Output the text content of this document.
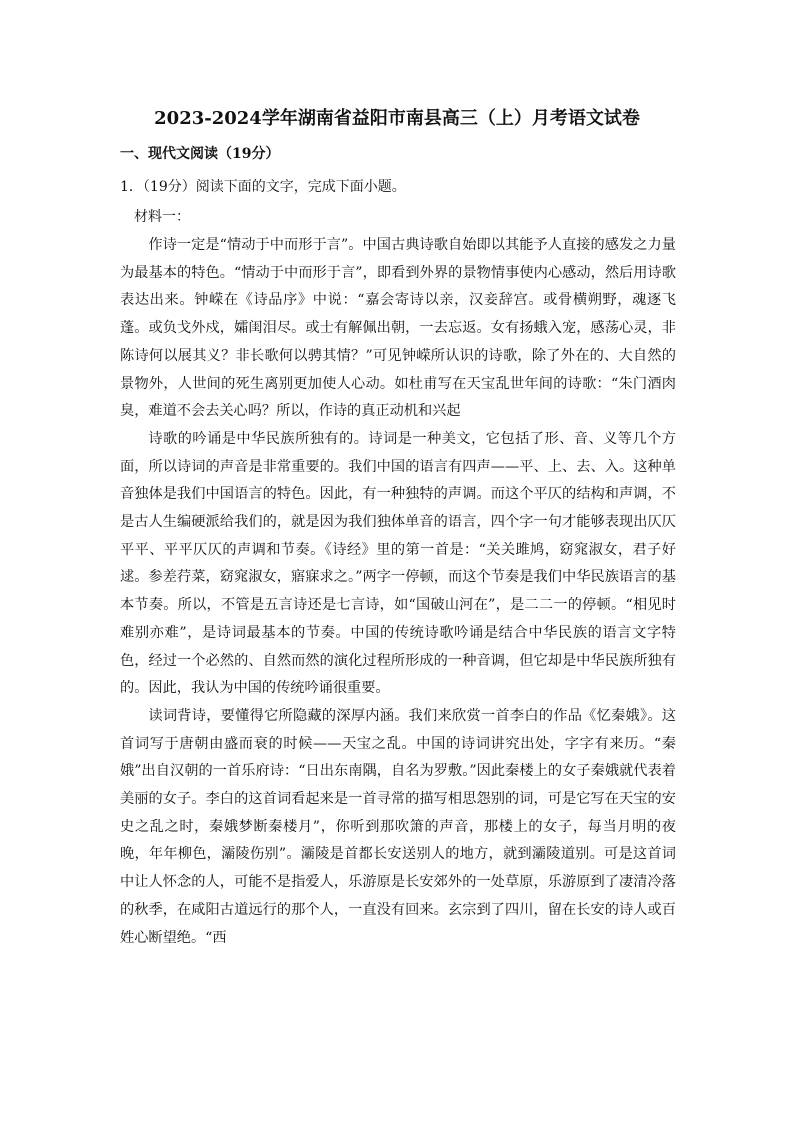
2023-2024学年湖南省益阳市南县高三（上）月考语文试卷
一、现代文阅读（19分）
1．（19分）阅读下面的文字，完成下面小题。
材料一：

作诗一定是“情动于中而形于言”。中国古典诗歌自始即以其能予人直接的感发之力量为最基本的特色。“情动于中而形于言”，即看到外界的景物情事使内心感动，然后用诗歌表达出来。钟嵘在《诗品序》中说：“嘉会寄诗以亲，汉妾辞宫。或骨横朔野，魂逐飞蓬。或负戈外戍，孀闺泪尽。或士有解佩出朝，一去忘返。女有扬蛾入宠，感荡心灵，非陈诗何以展其义？非长歌何以骋其情？”可见钟嵘所认识的诗歌，除了外在的、大自然的景物外，人世间的死生离别更加使人心动。如杜甫写在天宝乱世年间的诗歌：“朱门酒肉臭，难道不会去关心吗？所以，作诗的真正动机和兴起

诗歌的吟诵是中华民族所独有的。诗词是一种美文，它包括了形、音、义等几个方面，所以诗词的声音是非常重要的。我们中国的语言有四声——平、上、去、入。这种单音独体是我们中国语言的特色。因此，有一种独特的声调。而这个平仄的结构和声调，不是古人生编硬派给我们的，就是因为我们独体单音的语言，四个字一句才能够表现出仄仄平平、平平仄仄的声调和节奏。《诗经》里的第一首是：“关关雎鸠，窈窕淑女，君子好逑。参差荇菜，窈窕淑女，寤寐求之。”两字一停顿，而这个节奏是我们中华民族语言的基本节奏。所以，不管是五言诗还是七言诗，如“国破山河在”，是二二一的停顿。“相见时难别亦难”，是诗词最基本的节奏。中国的传统诗歌吟诵是结合中华民族的语言文字特色，经过一个必然的、自然而然的演化过程所形成的一种音调，但它却是中华民族所独有的。因此，我认为中国的传统吟诵很重要。

读词背诗，要懂得它所隐藏的深厚内涵。我们来欣赏一首李白的作品《忆秦娥》。这首词写于唐朝由盛而衰的时候——天宝之乱。中国的诗词讲究出处，字字有来历。“秦娥”出自汉朝的一首乐府诗：“日出东南隅，自名为罗敷。”因此秦楼上的女子秦娥就代表着美丽的女子。李白的这首词看起来是一首寻常的描写相思怨别的词，可是它写在天宝的安史之乱之时，秦娥梦断秦楼月”，你听到那吹箫的声音，那楼上的女子，每当月明的夜晚，年年柳色，灞陵伤别”。灞陵是首都长安送别人的地方，就到灞陵道别。可是这首词中让人怀念的人，可能不是指爱人，乐游原是长安郊外的一处草原，乐游原到了凄清冷落的秋季，在咸阳古道远行的那个人，一直没有回来。玄宗到了四川，留在长安的诗人或百姓心断望绝。“西
